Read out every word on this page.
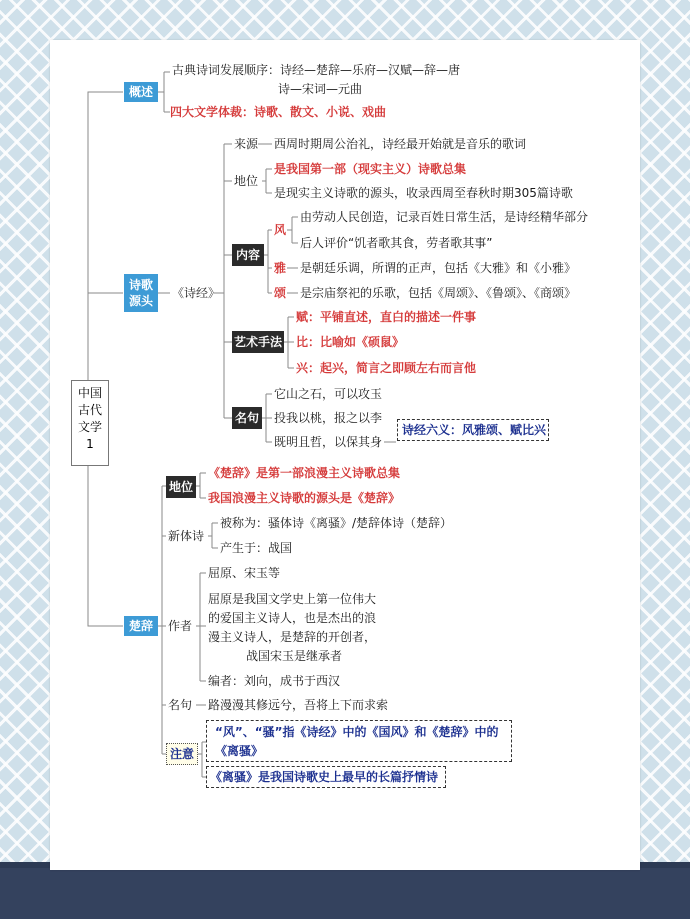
中国
古代
文学
1
概述
古典诗词发展顺序：诗经—楚辞—乐府—汉赋—辞—唐
诗—宋词—元曲
四大文学体裁：诗歌、散文、小说、戏曲
诗歌
源头
《诗经》
来源 西周时期周公治礼，诗经最开始就是音乐的歌词
地位
是我国第一部（现实主义）诗歌总集
是现实主义诗歌的源头，收录西周至春秋时期305篇诗歌
内容
风
由劳动人民创造，记录百姓日常生活，是诗经精华部分
后人评价“饥者歌其食，劳者歌其事”
雅 是朝廷乐调，所谓的正声，包括《大雅》和《小雅》
颂 是宗庙祭祀的乐歌，包括《周颂》、《鲁颂》、《商颂》
艺术手法
赋：平铺直述，直白的描述一件事
比：比喻如《硕鼠》
兴：起兴，简言之即顾左右而言他
名句
它山之石，可以攻玉
投我以桃，报之以李
既明且哲，以保其身
诗经六义：风雅颂、赋比兴
楚辞
地位
《楚辞》是第一部浪漫主义诗歌总集
我国浪漫主义诗歌的源头是《楚辞》
新体诗
被称为：骚体诗《离骚》/楚辞体诗（楚辞）
产生于：战国
作者
屈原、宋玉等
屈原是我国文学史上第一位伟大
的爱国主义诗人，也是杰出的浪
漫主义诗人，是楚辞的开创者，
战国宋玉是继承者
编者：刘向，成书于西汉
名句 路漫漫其修远兮，吾将上下而求索
注意
“风”、“骚”指《诗经》中的《国风》和《楚辞》中的
《离骚》
《离骚》是我国诗歌史上最早的长篇抒情诗
